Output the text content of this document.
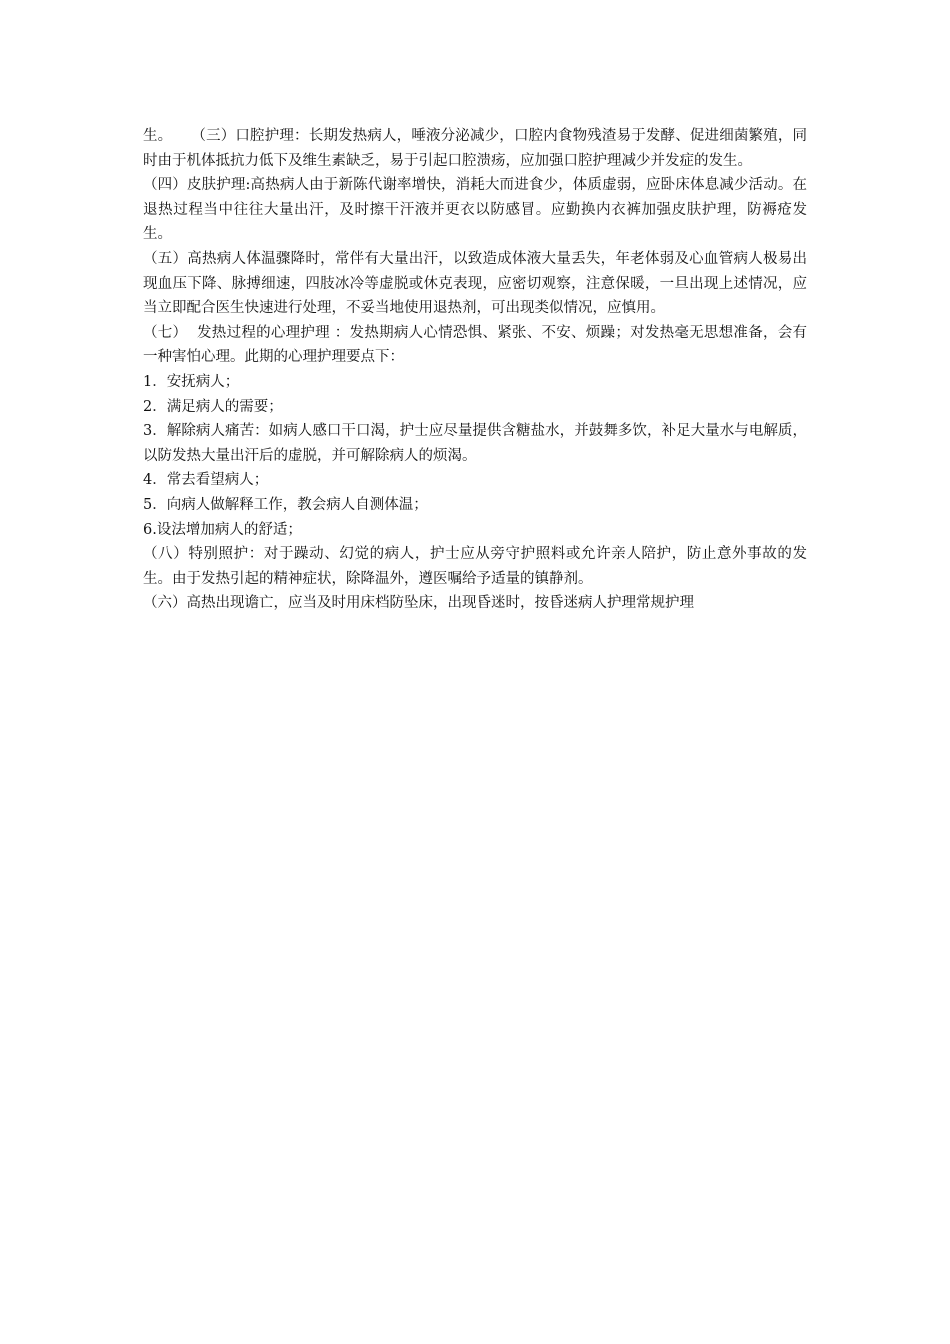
生。    （三）口腔护理：长期发热病人，唾液分泌减少，口腔内食物残渣易于发酵、促进细菌繁殖，同时由于机体抵抗力低下及维生素缺乏，易于引起口腔溃疡，应加强口腔护理减少并发症的发生。

（四）皮肤护理:高热病人由于新陈代谢率增快，消耗大而进食少，体质虚弱，应卧床体息减少活动。在退热过程当中往往大量出汗，及时擦干汗液并更衣以防感冒。应勤换内衣裤加强皮肤护理，防褥疮发生。

（五）高热病人体温骤降时，常伴有大量出汗，以致造成体液大量丢失，年老体弱及心血管病人极易出现血压下降、脉搏细速，四肢冰冷等虚脱或休克表现，应密切观察，注意保暖，一旦出现上述情况，应当立即配合医生快速进行处理，不妥当地使用退热剂，可出现类似情况，应慎用。

（七）  发热过程的心理护理 ：发热期病人心情恐惧、紧张、不安、烦躁；对发热毫无思想准备，会有一种害怕心理。此期的心理护理要点下：

1．安抚病人；

2．满足病人的需要；

3．解除病人痛苦：如病人感口干口渴，护士应尽量提供含糖盐水，并鼓舞多饮，补足大量水与电解质，以防发热大量出汗后的虚脱，并可解除病人的烦渴。

4．常去看望病人；

5．向病人做解释工作，教会病人自测体温；

6.设法增加病人的舒适；

（八）特别照护：对于躁动、幻觉的病人，护士应从旁守护照料或允许亲人陪护，防止意外事故的发生。由于发热引起的精神症状，除降温外，遵医嘱给予适量的镇静剂。

（六）高热出现谵亡，应当及时用床档防坠床，出现昏迷时，按昏迷病人护理常规护理
